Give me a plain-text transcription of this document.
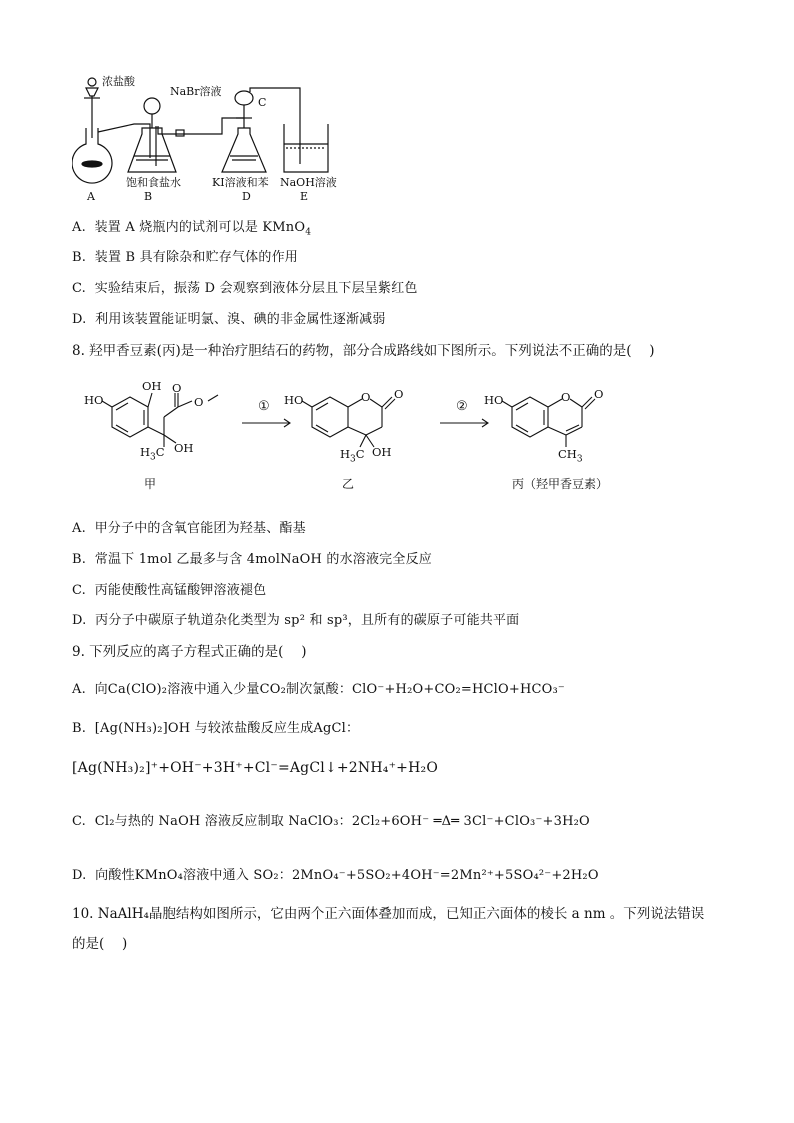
浓盐酸
NaBr溶液
C
饱和食盐水	KI溶液和苯 NaOH溶液
A	B	D	E
A. 装置 A 烧瓶内的试剂可以是 KMnO$_4$
B. 装置 B 具有除杂和贮存气体的作用
C. 实验结束后，振荡 D 会观察到液体分层且下层呈紫红色
D. 利用该装置能证明氯、溴、碘的非金属性逐渐减弱
8. 羟甲香豆素(丙)是一种治疗胆结石的药物，部分合成路线如下图所示。下列说法不正确的是(　 )
HO
OH O
O
$H_3C$ OH
HO	O O
$H_3C$ OH
HO	O O
$CH_3$
①	②
甲	乙	丙（羟甲香豆素）
A. 甲分子中的含氧官能团为羟基、酯基
B. 常温下 1mol 乙最多与含 4molNaOH 的水溶液完全反应
C. 丙能使酸性高锰酸钾溶液褪色
D. 丙分子中碳原子轨道杂化类型为 sp² 和 sp³，且所有的碳原子可能共平面
9. 下列反应的离子方程式正确的是(　 )
A. 向Ca(ClO)₂溶液中通入少量CO₂制次氯酸：ClO⁻+H₂O+CO₂=HClO+HCO₃⁻
B. [Ag(NH₃)₂]OH 与较浓盐酸反应生成AgCl：
[Ag(NH₃)₂]⁺+OH⁻+3H⁺+Cl⁻=AgCl↓+2NH₄⁺+H₂O
C. Cl₂与热的 NaOH 溶液反应制取 NaClO₃：2Cl₂+6OH⁻ ═Δ═ 3Cl⁻+ClO₃⁻+3H₂O
D. 向酸性KMnO₄溶液中通入 SO₂：2MnO₄⁻+5SO₂+4OH⁻=2Mn²⁺+5SO₄²⁻+2H₂O
10. NaAlH₄晶胞结构如图所示，它由两个正六面体叠加而成，已知正六面体的棱长 a nm 。下列说法错误
的是(　 )
